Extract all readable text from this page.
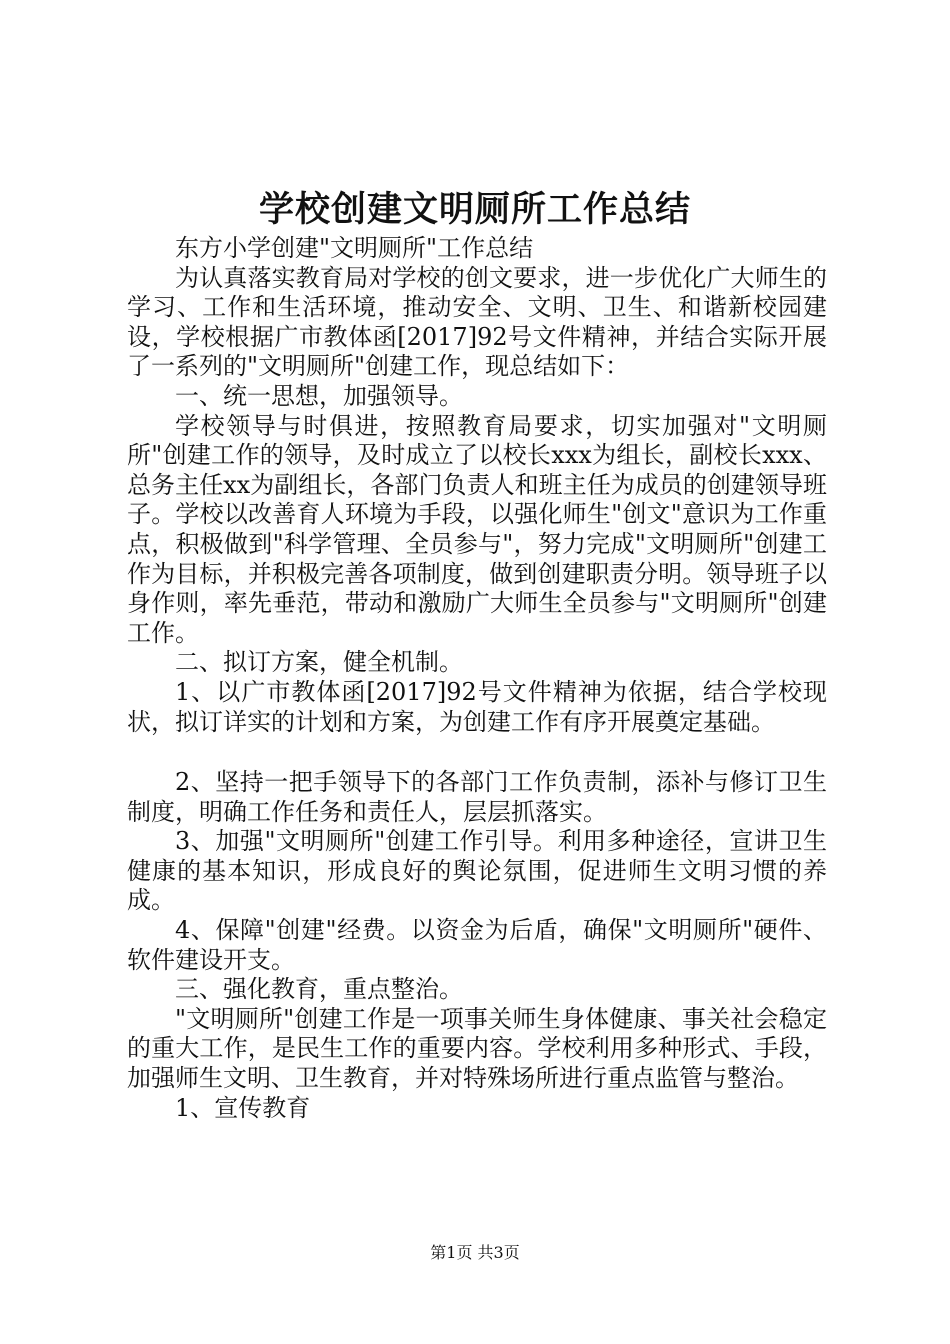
学校创建文明厕所工作总结

东方小学创建"文明厕所"工作总结

为认真落实教育局对学校的创文要求，进一步优化广大师生的学习、工作和生活环境，推动安全、文明、卫生、和谐新校园建设，学校根据广市教体函[2017]92号文件精神，并结合实际开展了一系列的"文明厕所"创建工作，现总结如下：

一、统一思想，加强领导。

学校领导与时俱进，按照教育局要求，切实加强对"文明厕所"创建工作的领导，及时成立了以校长xxx为组长，副校长xxx、总务主任xx为副组长，各部门负责人和班主任为成员的创建领导班子。学校以改善育人环境为手段，以强化师生"创文"意识为工作重点，积极做到"科学管理、全员参与"，努力完成"文明厕所"创建工作为目标，并积极完善各项制度，做到创建职责分明。领导班子以身作则，率先垂范，带动和激励广大师生全员参与"文明厕所"创建工作。

二、拟订方案，健全机制。

1、以广市教体函[2017]92号文件精神为依据，结合学校现状，拟订详实的计划和方案，为创建工作有序开展奠定基础。

2、坚持一把手领导下的各部门工作负责制，添补与修订卫生制度，明确工作任务和责任人，层层抓落实。

3、加强"文明厕所"创建工作引导。利用多种途径，宣讲卫生健康的基本知识，形成良好的舆论氛围，促进师生文明习惯的养成。

4、保障"创建"经费。以资金为后盾，确保"文明厕所"硬件、软件建设开支。

三、强化教育，重点整治。

"文明厕所"创建工作是一项事关师生身体健康、事关社会稳定的重大工作，是民生工作的重要内容。学校利用多种形式、手段，加强师生文明、卫生教育，并对特殊场所进行重点监管与整治。

1、宣传教育

第1页 共3页
